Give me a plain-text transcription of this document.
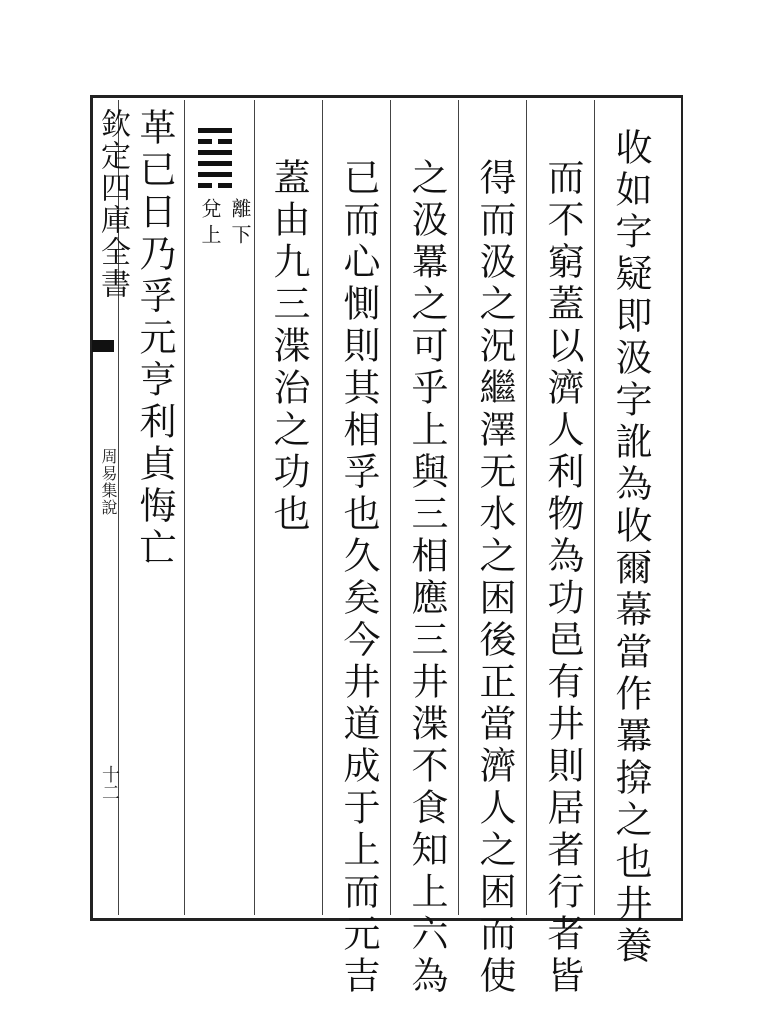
欽定四庫全書
周易集說
十二
離下
兌上	收如字疑即汲字訛為收爾幕當作羃揜之也井養
而不窮蓋以濟人利物為功邑有井則居者行者皆
得而汲之況繼澤无水之困後正當濟人之困而使
之汲羃之可乎上與三相應三井渫不食知上六為
已而心惻則其相孚也久矣今井道成于上而元吉
蓋由九三渫治之功也
革已日乃孚元亨利貞悔亡
